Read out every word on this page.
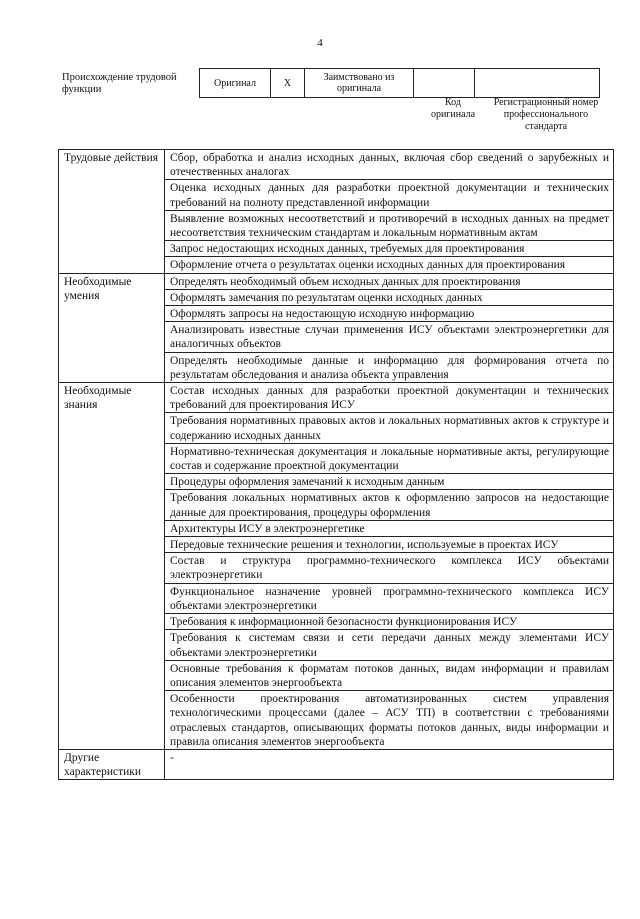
4
Происхождение трудовой функции
Оригинал	X	Заимствовано из оригинала		
Код оригинала
Регистрационный номер профессионального стандарта
Трудовые действия	Сбор, обработка и анализ исходных данных, включая сбор сведений о зарубежных и отечественных аналогах
	Оценка исходных данных для разработки проектной документации и технических требований на полноту представленной информации
	Выявление возможных несоответствий и противоречий в исходных данных на предмет несоответствия техническим стандартам и локальным нормативным актам
	Запрос недостающих исходных данных, требуемых для проектирования
	Оформление отчета о результатах оценки исходных данных для проектирования
Необходимые умения	Определять необходимый объем исходных данных для проектирования
	Оформлять замечания по результатам оценки исходных данных
	Оформлять запросы на недостающую исходную информацию
	Анализировать известные случаи применения ИСУ объектами электроэнергетики для аналогичных объектов
	Определять необходимые данные и информацию для формирования отчета по результатам обследования и анализа объекта управления
Необходимые знания	Состав исходных данных для разработки проектной документации и технических требований для проектирования ИСУ
	Требования нормативных правовых актов и локальных нормативных актов к структуре и содержанию исходных данных
	Нормативно-техническая документация и локальные нормативные акты, регулирующие состав и содержание проектной документации
	Процедуры оформления замечаний к исходным данным
	Требования локальных нормативных актов к оформлению запросов на недостающие данные для проектирования, процедуры оформления
	Архитектуры ИСУ в электроэнергетике
	Передовые технические решения и технологии, используемые в проектах ИСУ
	Состав и структура программно-технического комплекса ИСУ объектами электроэнергетики
	Функциональное назначение уровней программно-технического комплекса ИСУ объектами электроэнергетики
	Требования к информационной безопасности функционирования ИСУ
	Требования к системам связи и сети передачи данных между элементами ИСУ объектами электроэнергетики
	Основные требования к форматам потоков данных, видам информации и правилам описания элементов энергообъекта
	Особенности проектирования автоматизированных систем управления технологическими процессами (далее – АСУ ТП) в соответствии с требованиями отраслевых стандартов, описывающих форматы потоков данных, виды информации и правила описания элементов энергообъекта
Другие характеристики	-
